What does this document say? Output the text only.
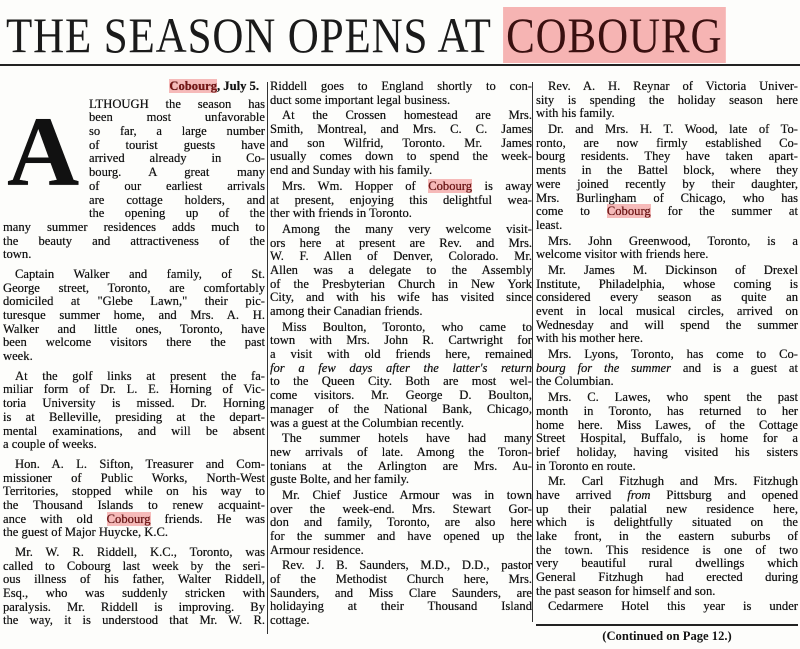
THE SEASON OPENS AT COBOURG
Cobourg, July 5.
A LTHOUGH the season has
been most unfavorable
so far, a large number
of tourist guests have
arrived already in Co-
bourg. A great many
of our earliest arrivals
are cottage holders, and
the opening up of the
many summer residences adds much to
the beauty and attractiveness of the
town.
Captain Walker and family, of St.
George street, Toronto, are comfortably
domiciled at "Glebe Lawn," their pic-
turesque summer home, and Mrs. A. H.
Walker and little ones, Toronto, have
been welcome visitors there the past
week.
At the golf links at present the fa-
miliar form of Dr. L. E. Horning of Vic-
toria University is missed. Dr. Horning
is at Belleville, presiding at the depart-
mental examinations, and will be absent
a couple of weeks.
Hon. A. L. Sifton, Treasurer and Com-
missioner of Public Works, North-West
Territories, stopped while on his way to
the Thousand Islands to renew acquaint-
ance with old Cobourg friends. He was
the guest of Major Huycke, K.C.
Mr. W. R. Riddell, K.C., Toronto, was
called to Cobourg last week by the seri-
ous illness of his father, Walter Riddell,
Esq., who was suddenly stricken with
paralysis. Mr. Riddell is improving. By
the way, it is understood that Mr. W. R.
Riddell goes to England shortly to con-
duct some important legal business.
At the Crossen homestead are Mrs.
Smith, Montreal, and Mrs. C. C. James
and son Wilfrid, Toronto. Mr. James
usually comes down to spend the week-
end and Sunday with his family.
Mrs. Wm. Hopper of Cobourg is away
at present, enjoying this delightful wea-
ther with friends in Toronto.
Among the many very welcome visit-
ors here at present are Rev. and Mrs.
W. F. Allen of Denver, Colorado. Mr.
Allen was a delegate to the Assembly
of the Presbyterian Church in New York
City, and with his wife has visited since
among their Canadian friends.
Miss Boulton, Toronto, who came to
town with Mrs. John R. Cartwright for
a visit with old friends here, remained
for a few days after the latter's return
to the Queen City. Both are most wel-
come visitors. Mr. George D. Boulton,
manager of the National Bank, Chicago,
was a guest at the Columbian recently.
The summer hotels have had many
new arrivals of late. Among the Toron-
tonians at the Arlington are Mrs. Au-
guste Bolte, and her family.
Mr. Chief Justice Armour was in town
over the week-end. Mrs. Stewart Gor-
don and family, Toronto, are also here
for the summer and have opened up the
Armour residence.
Rev. J. B. Saunders, M.D., D.D., pastor
of the Methodist Church here, Mrs.
Saunders, and Miss Clare Saunders, are
holidaying at their Thousand Island
cottage.
Rev. A. H. Reynar of Victoria Univer-
sity is spending the holiday season here
with his family.
Dr. and Mrs. H. T. Wood, late of To-
ronto, are now firmly established Co-
bourg residents. They have taken apart-
ments in the Battel block, where they
were joined recently by their daughter,
Mrs. Burlingham of Chicago, who has
come to Cobourg for the summer at
least.
Mrs. John Greenwood, Toronto, is a
welcome visitor with friends here.
Mr. James M. Dickinson of Drexel
Institute, Philadelphia, whose coming is
considered every season as quite an
event in local musical circles, arrived on
Wednesday and will spend the summer
with his mother here.
Mrs. Lyons, Toronto, has come to Co-
bourg for the summer and is a guest at
the Columbian.
Mrs. C. Lawes, who spent the past
month in Toronto, has returned to her
home here. Miss Lawes, of the Cottage
Street Hospital, Buffalo, is home for a
brief holiday, having visited his sisters
in Toronto en route.
Mr. Carl Fitzhugh and Mrs. Fitzhugh
have arrived from Pittsburg and opened
up their palatial new residence here,
which is delightfully situated on the
lake front, in the eastern suburbs of
the town. This residence is one of two
very beautiful rural dwellings which
General Fitzhugh had erected during
the past season for himself and son.
Cedarmere Hotel this year is under
(Continued on Page 12.)
